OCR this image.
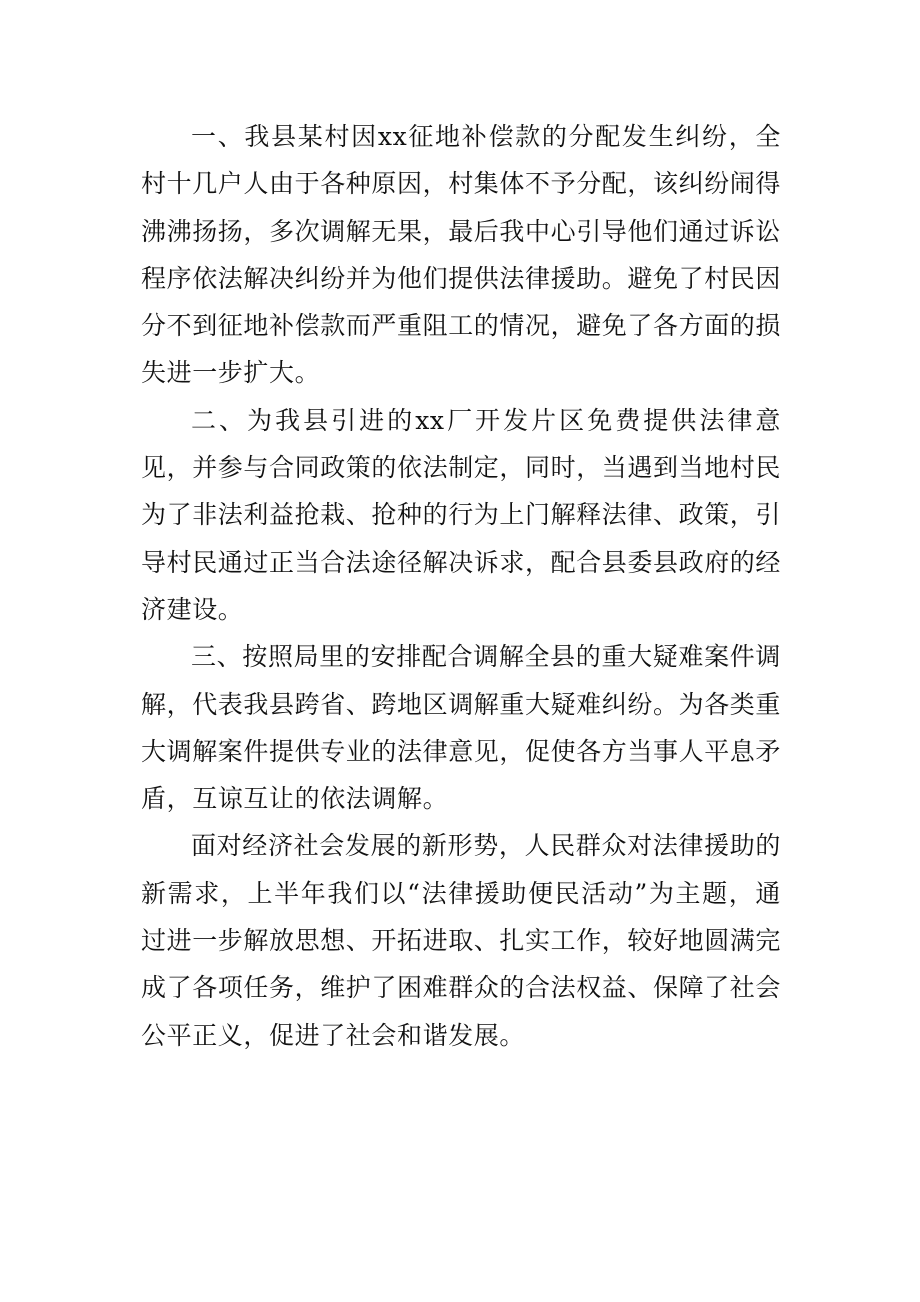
一、我县某村因xx征地补偿款的分配发生纠纷，全村十几户人由于各种原因，村集体不予分配，该纠纷闹得沸沸扬扬，多次调解无果，最后我中心引导他们通过诉讼程序依法解决纠纷并为他们提供法律援助。避免了村民因分不到征地补偿款而严重阻工的情况，避免了各方面的损失进一步扩大。

二、为我县引进的xx厂开发片区免费提供法律意见，并参与合同政策的依法制定，同时，当遇到当地村民为了非法利益抢栽、抢种的行为上门解释法律、政策，引导村民通过正当合法途径解决诉求，配合县委县政府的经济建设。

三、按照局里的安排配合调解全县的重大疑难案件调解，代表我县跨省、跨地区调解重大疑难纠纷。为各类重大调解案件提供专业的法律意见，促使各方当事人平息矛盾，互谅互让的依法调解。

面对经济社会发展的新形势，人民群众对法律援助的新需求，上半年我们以“法律援助便民活动”为主题，通过进一步解放思想、开拓进取、扎实工作，较好地圆满完成了各项任务，维护了困难群众的合法权益、保障了社会公平正义，促进了社会和谐发展。
